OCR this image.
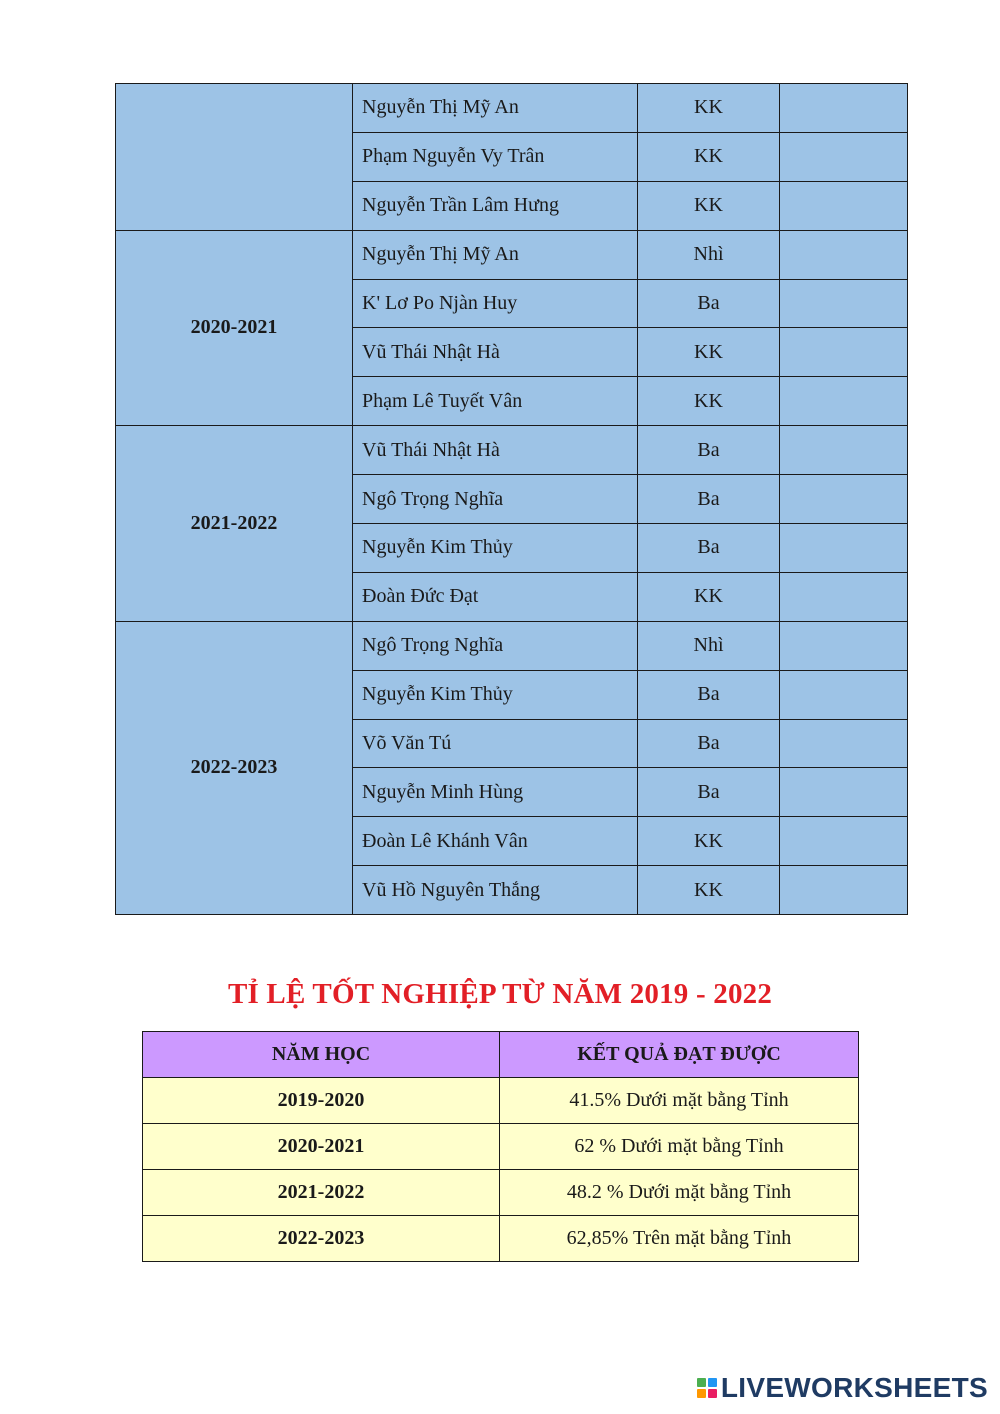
	Nguyễn Thị Mỹ An	KK	
	Phạm Nguyễn Vy Trân	KK	
	Nguyễn Trần Lâm Hưng	KK	
2020-2021	Nguyễn Thị Mỹ An	Nhì	
	K' Lơ Po Njàn Huy	Ba	
	Vũ Thái Nhật Hà	KK	
	Phạm Lê Tuyết Vân	KK	
2021-2022	Vũ Thái Nhật Hà	Ba	
	Ngô Trọng Nghĩa	Ba	
	Nguyễn Kim Thủy	Ba	
	Đoàn Đức Đạt	KK	
2022-2023	Ngô Trọng Nghĩa	Nhì	
	Nguyễn Kim Thủy	Ba	
	Võ Văn Tú	Ba	
	Nguyễn Minh Hùng	Ba	
	Đoàn Lê Khánh Vân	KK	
	Vũ Hồ Nguyên Thắng	KK	
TỈ LỆ TỐT NGHIỆP TỪ NĂM 2019 - 2022
NĂM HỌC	KẾT QUẢ ĐẠT ĐƯỢC
2019-2020	41.5% Dưới mặt bằng Tỉnh
2020-2021	62 % Dưới mặt bằng Tỉnh
2021-2022	48.2 % Dưới mặt bằng Tỉnh
2022-2023	62,85% Trên mặt bằng Tỉnh
LIVEWORKSHEETS
